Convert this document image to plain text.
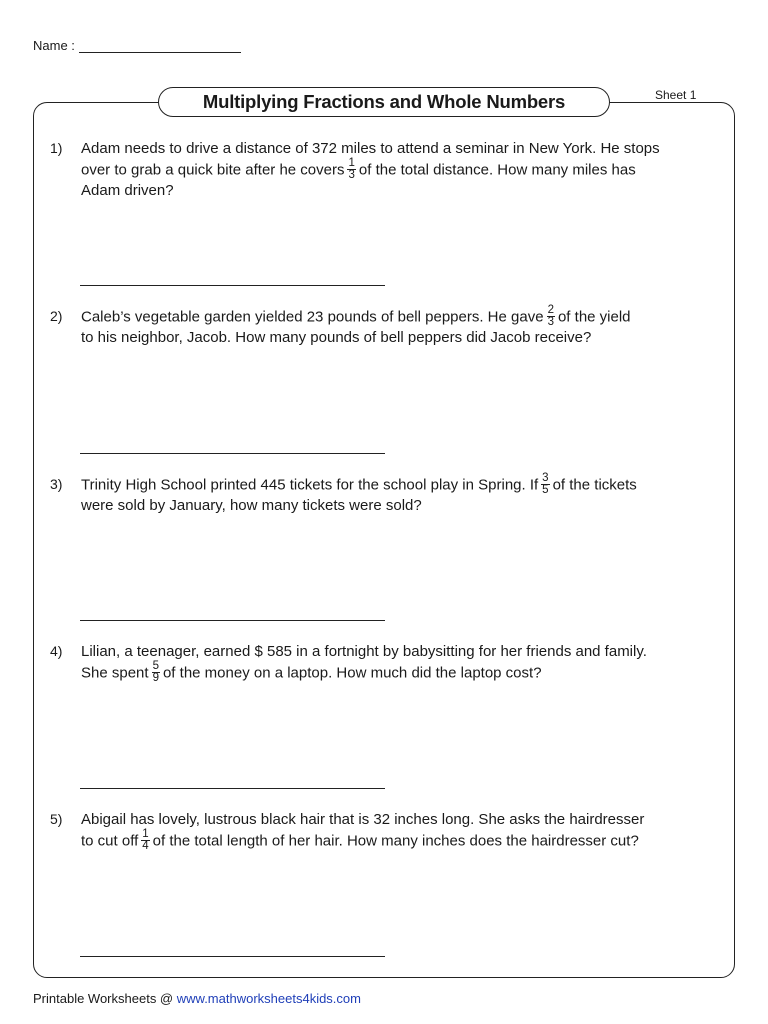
Name :
Multiplying Fractions and Whole Numbers	Sheet 1
1) Adam needs to drive a distance of 372 miles to attend a seminar in New York. He stops
over to grab a quick bite after he covers $\frac{1}{3}$ of the total distance. How many miles has
Adam driven?
2) Caleb’s vegetable garden yielded 23 pounds of bell peppers. He gave $\frac{2}{3}$ of the yield
to his neighbor, Jacob. How many pounds of bell peppers did Jacob receive?
3) Trinity High School printed 445 tickets for the school play in Spring. If $\frac{3}{5}$ of the tickets
were sold by January, how many tickets were sold?
4) Lilian, a teenager, earned $ 585 in a fortnight by babysitting for her friends and family.
She spent $\frac{5}{9}$ of the money on a laptop. How much did the laptop cost?
5) Abigail has lovely, lustrous black hair that is 32 inches long. She asks the hairdresser
to cut off $\frac{1}{4}$ of the total length of her hair. How many inches does the hairdresser cut?
Printable Worksheets @ www.mathworksheets4kids.com
